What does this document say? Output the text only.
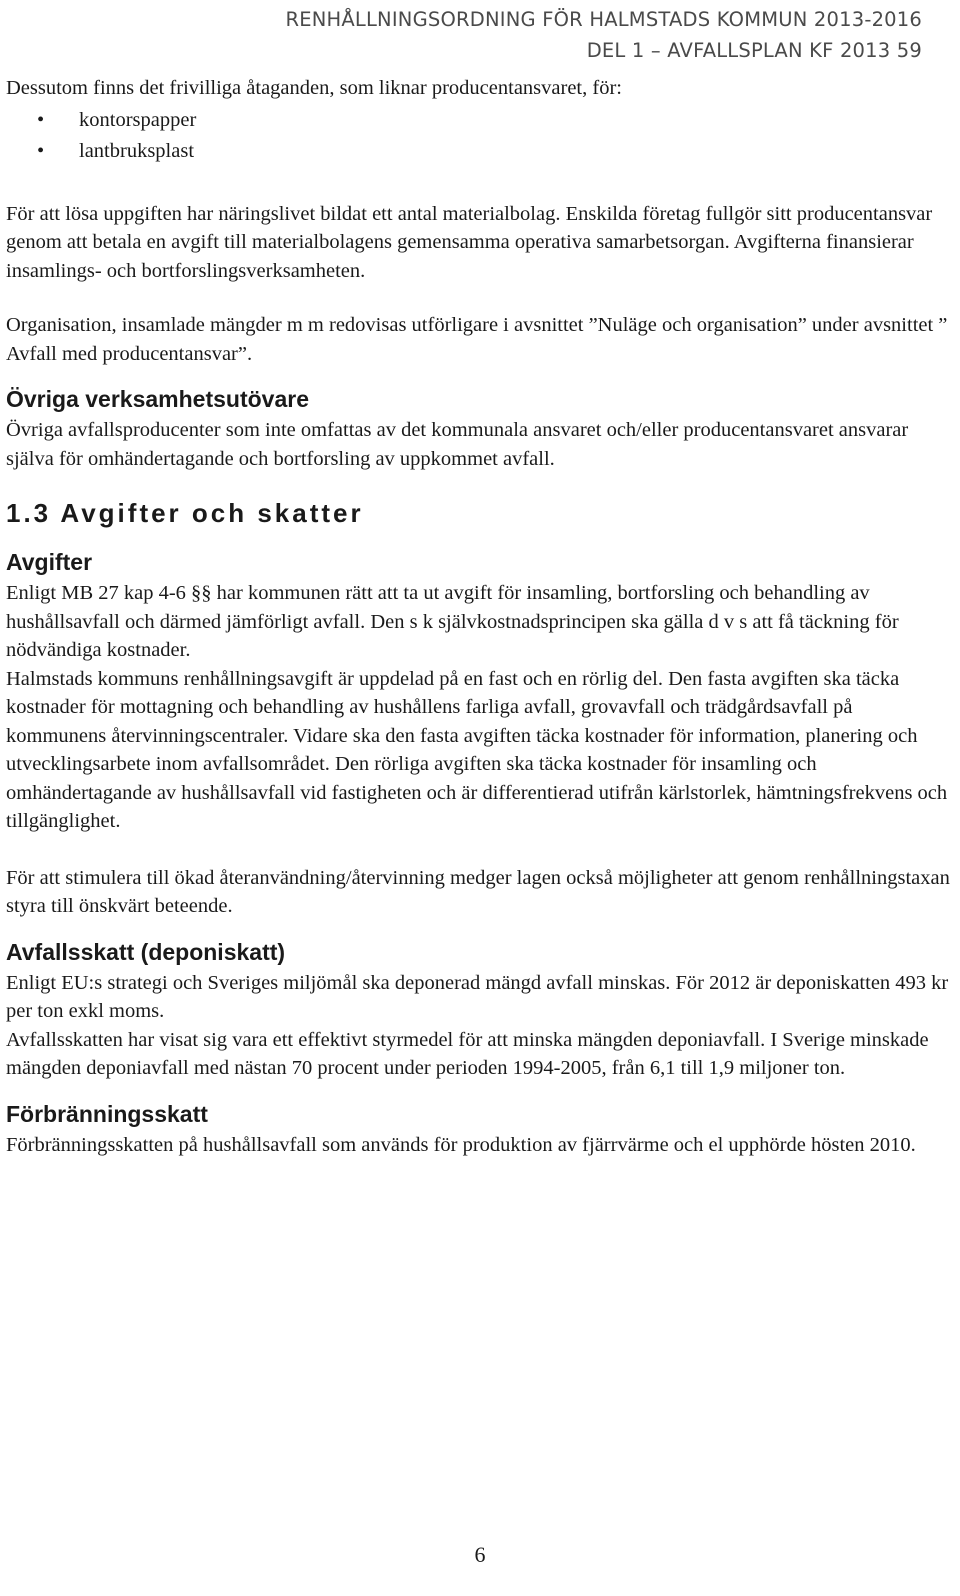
RENHÅLLNINGSORDNING FÖR HALMSTADS KOMMUN 2013-2016
DEL 1 – AVFALLSPLAN KF 2013 59

Dessutom finns det frivilliga åtaganden, som liknar producentansvaret, för:

• kontorspapper
• lantbruksplast

För att lösa uppgiften har näringslivet bildat ett antal materialbolag. Enskilda företag fullgör sitt producentansvar genom att betala en avgift till materialbolagens gemensamma operativa samarbetsorgan. Avgifterna finansierar insamlings- och bortforslingsverksamheten.

Organisation, insamlade mängder m m redovisas utförligare i avsnittet ”Nuläge och organisation” under avsnittet ” Avfall med producentansvar”.

Övriga verksamhetsutövare

Övriga avfallsproducenter som inte omfattas av det kommunala ansvaret och/eller producentansvaret ansvarar själva för omhändertagande och bortforsling av uppkommet avfall.

1.3 Avgifter och skatter
Avgifter

Enligt MB 27 kap 4-6 §§ har kommunen rätt att ta ut avgift för insamling, bortforsling och behandling av hushållsavfall och därmed jämförligt avfall. Den s k självkostnadsprincipen ska gälla d v s att få täckning för nödvändiga kostnader.

Halmstads kommuns renhållningsavgift är uppdelad på en fast och en rörlig del. Den fasta avgiften ska täcka kostnader för mottagning och behandling av hushållens farliga avfall, grovavfall och trädgårdsavfall på kommunens återvinningscentraler. Vidare ska den fasta avgiften täcka kostnader för information, planering och utvecklingsarbete inom avfallsområdet. Den rörliga avgiften ska täcka kostnader för insamling och omhändertagande av hushållsavfall vid fastigheten och är differentierad utifrån kärlstorlek, hämtningsfrekvens och tillgänglighet.

För att stimulera till ökad återanvändning/återvinning medger lagen också möjligheter att genom renhållningstaxan styra till önskvärt beteende.

Avfallsskatt (deponiskatt)

Enligt EU:s strategi och Sveriges miljömål ska deponerad mängd avfall minskas. För 2012 är deponiskatten 493 kr per ton exkl moms.

Avfallsskatten har visat sig vara ett effektivt styrmedel för att minska mängden deponiavfall. I Sverige minskade mängden deponiavfall med nästan 70 procent under perioden 1994-2005, från 6,1 till 1,9 miljoner ton.

Förbränningsskatt

Förbränningsskatten på hushållsavfall som används för produktion av fjärrvärme och el upphörde hösten 2010.

6
